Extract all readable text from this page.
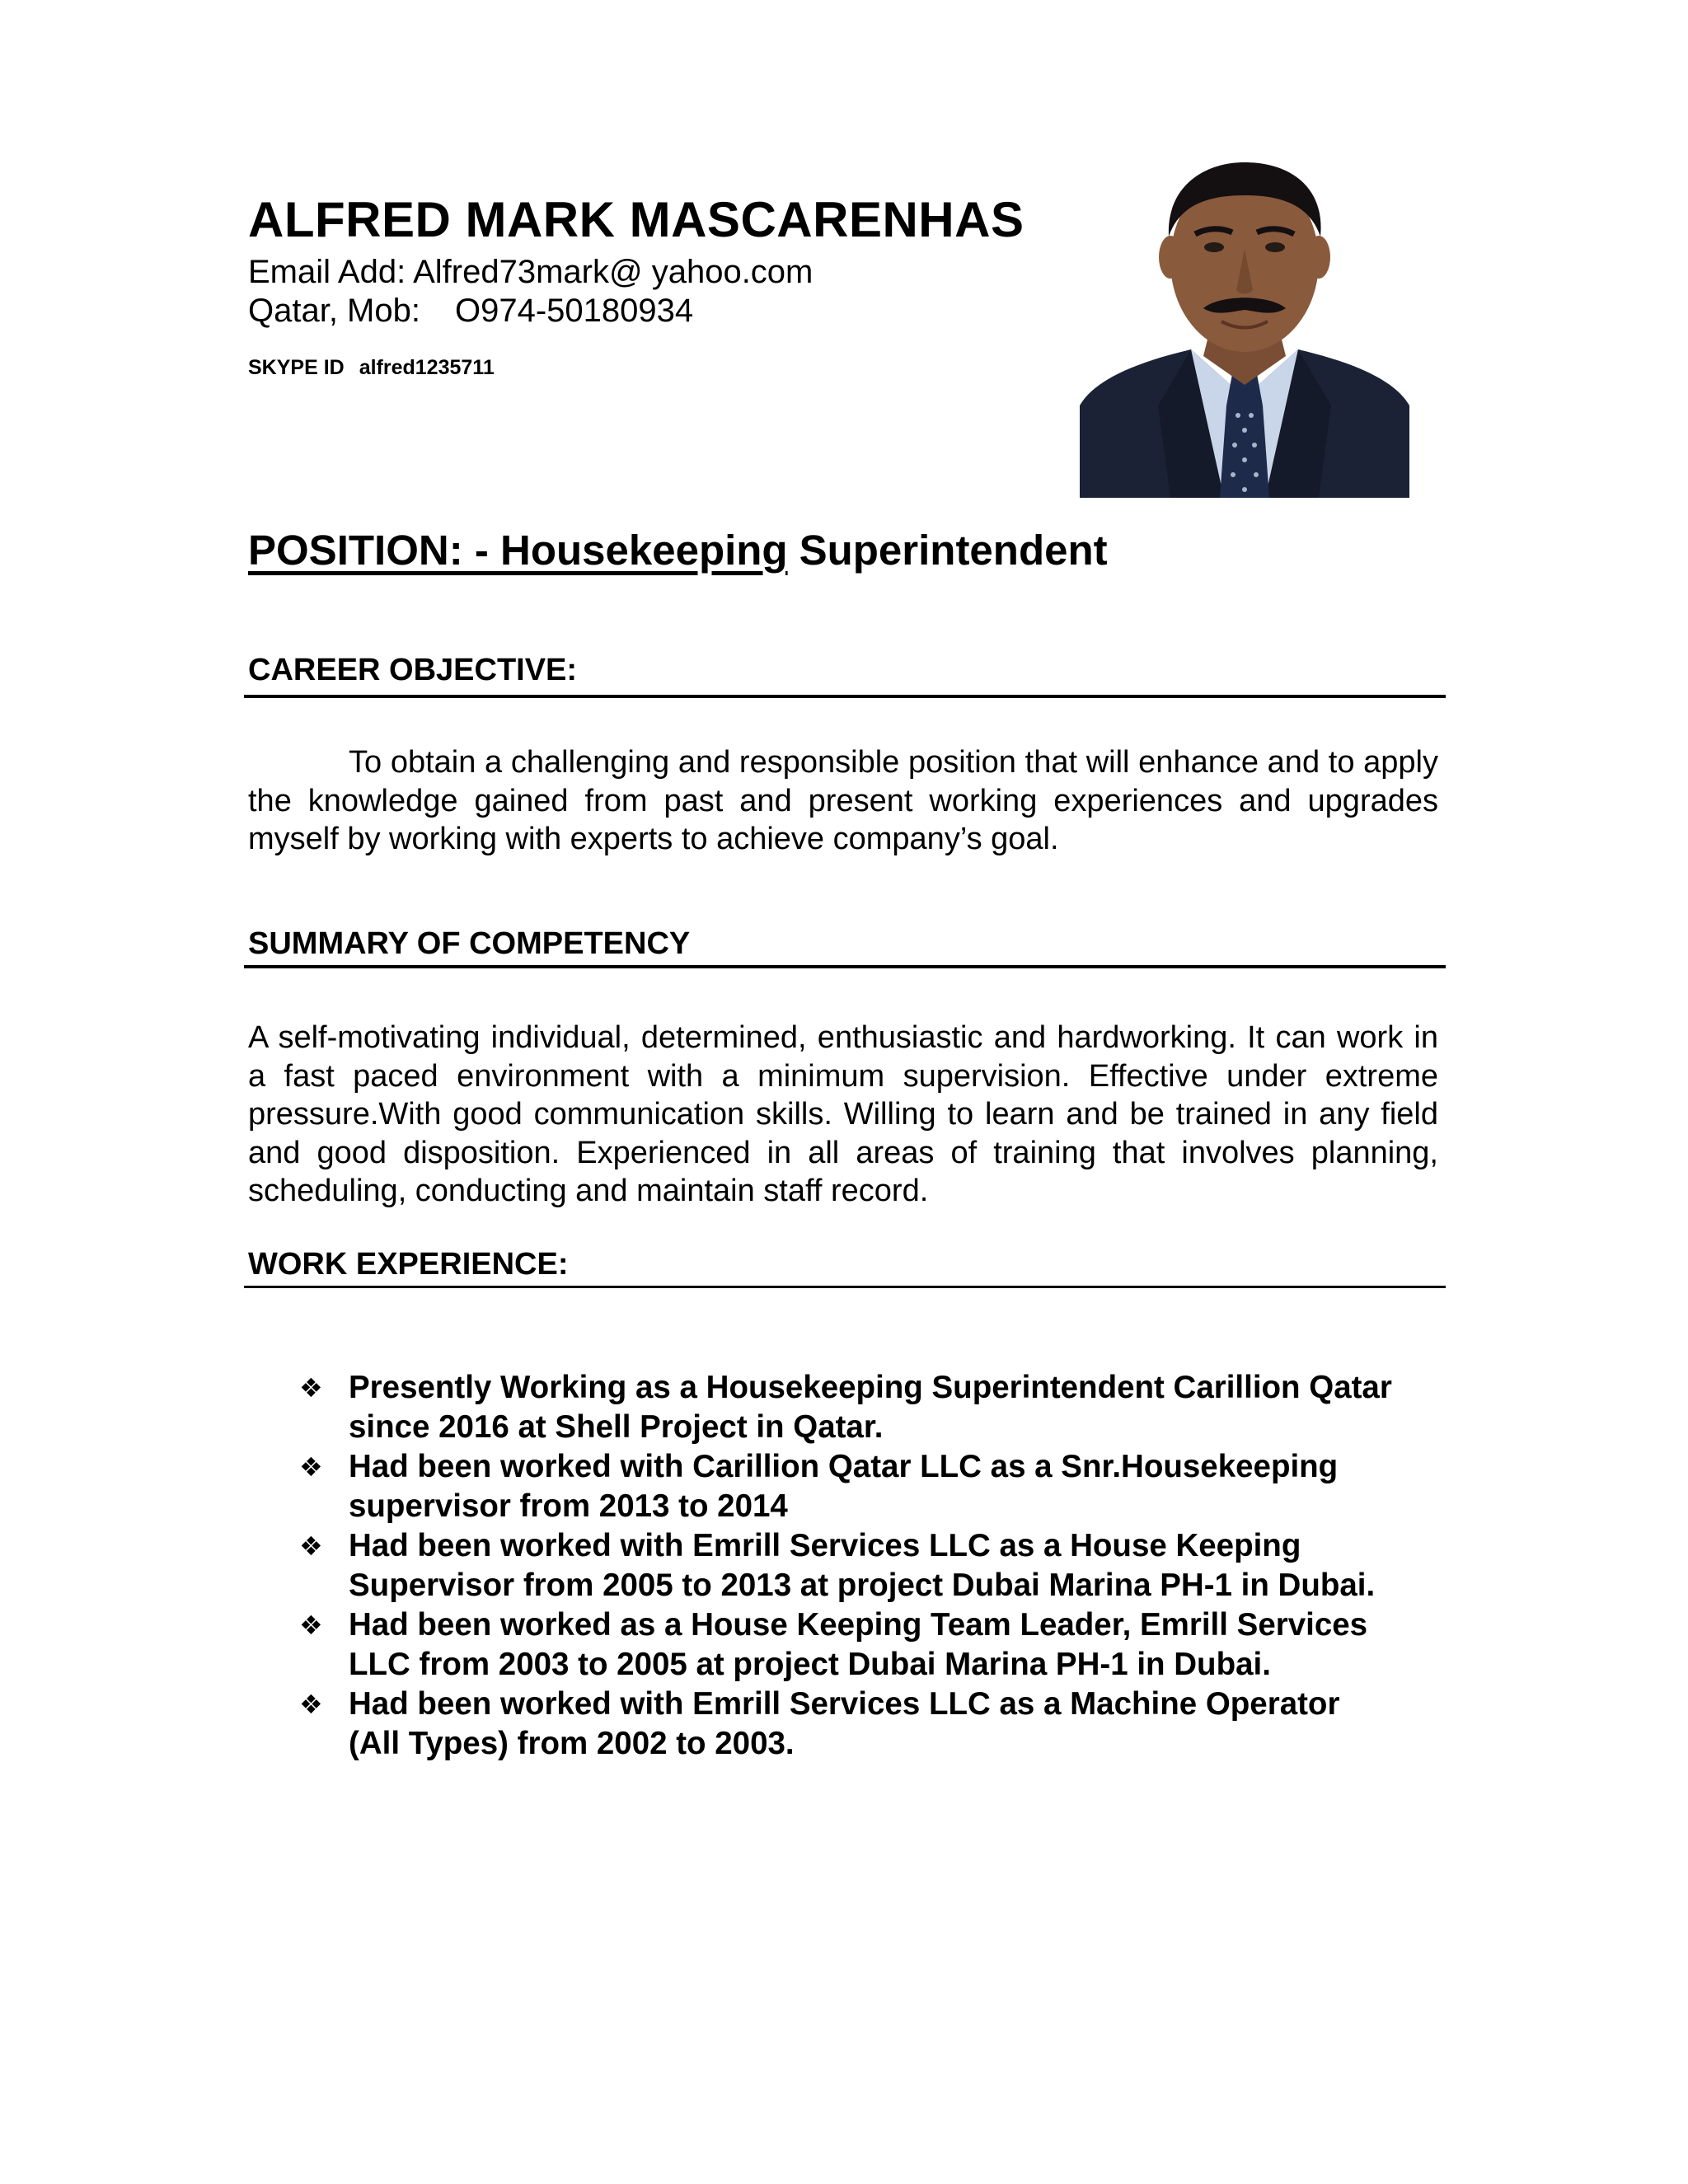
ALFRED MARK MASCARENHAS
Email Add: Alfred73mark@ yahoo.com
Qatar, Mob: O974-50180934
SKYPE ID alfred1235711
POSITION: - Housekeeping Superintendent
CAREER OBJECTIVE:
To obtain a challenging and responsible position that will enhance and to apply the knowledge gained from past and present working experiences and upgrades myself by working with experts to achieve company’s goal.
SUMMARY OF COMPETENCY
A self-motivating individual, determined, enthusiastic and hardworking. It can work in a fast paced environment with a minimum supervision. Effective under extreme pressure.With good communication skills. Willing to learn and be trained in any field and good disposition. Experienced in all areas of training that involves planning, scheduling, conducting and maintain staff record.
WORK EXPERIENCE:
❖ Presently Working as a Housekeeping Superintendent Carillion Qatar
since 2016 at Shell Project in Qatar.
❖ Had been worked with Carillion Qatar LLC as a Snr.Housekeeping
supervisor from 2013 to 2014
❖ Had been worked with Emrill Services LLC as a House Keeping
Supervisor from 2005 to 2013 at project Dubai Marina PH-1 in Dubai.
❖ Had been worked as a House Keeping Team Leader, Emrill Services
LLC from 2003 to 2005 at project Dubai Marina PH-1 in Dubai.
❖ Had been worked with Emrill Services LLC as a Machine Operator
(All Types) from 2002 to 2003.
